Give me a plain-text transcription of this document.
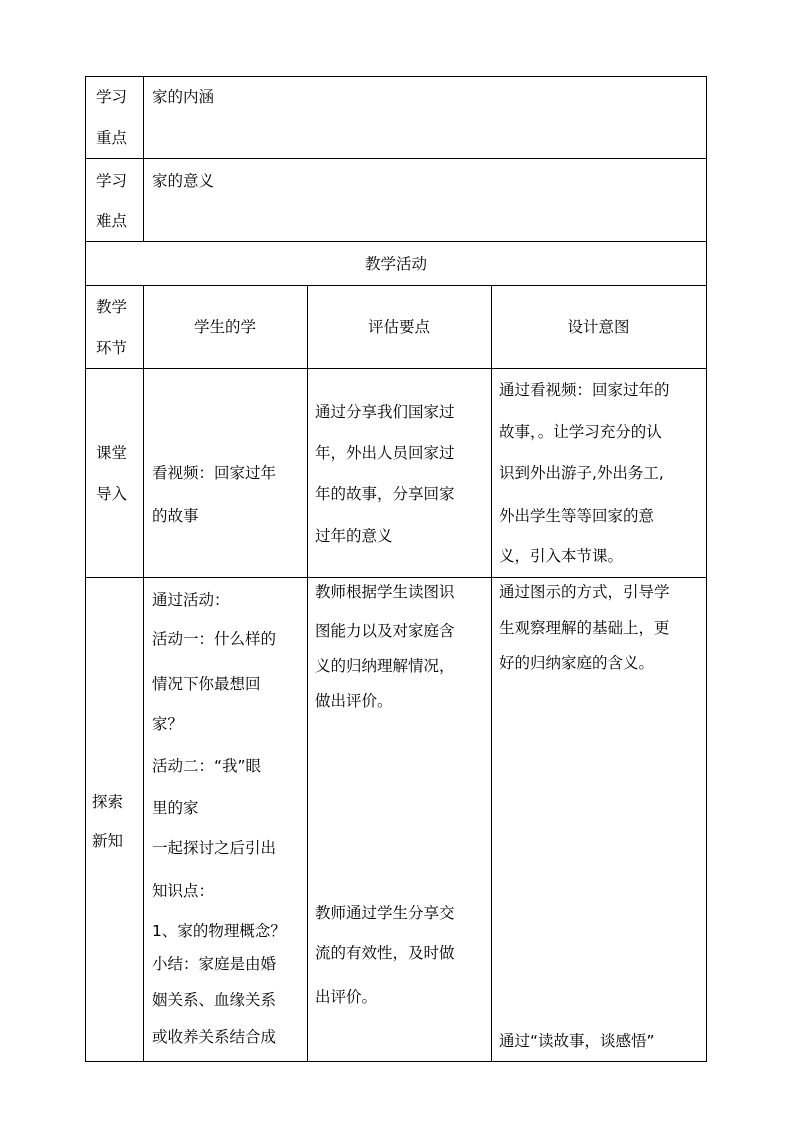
学习
重点
家的内涵
学习
难点
家的意义
教学活动
教学
环节
学生的学	评估要点	设计意图
课堂
导入
看视频：回家过年
的故事
通过分享我们国家过
年，外出人员回家过
年的故事，分享回家
过年的意义
通过看视频：回家过年的
故事，。让学习充分的认
识到外出游子,外出务工,
外出学生等等回家的意
义，引入本节课。
探索
新知
通过活动：
活动一：什么样的
情况下你最想回
家？
活动二：“我”眼
里的家
一起探讨之后引出
知识点：
1、家的物理概念？
小结：家庭是由婚
姻关系、血缘关系
或收养关系结合成
教师根据学生读图识
图能力以及对家庭含
义的归纳理解情况，
做出评价。
教师通过学生分享交
流的有效性，及时做
出评价。
通过图示的方式，引导学
生观察理解的基础上，更
好的归纳家庭的含义。
通过“读故事，谈感悟”
